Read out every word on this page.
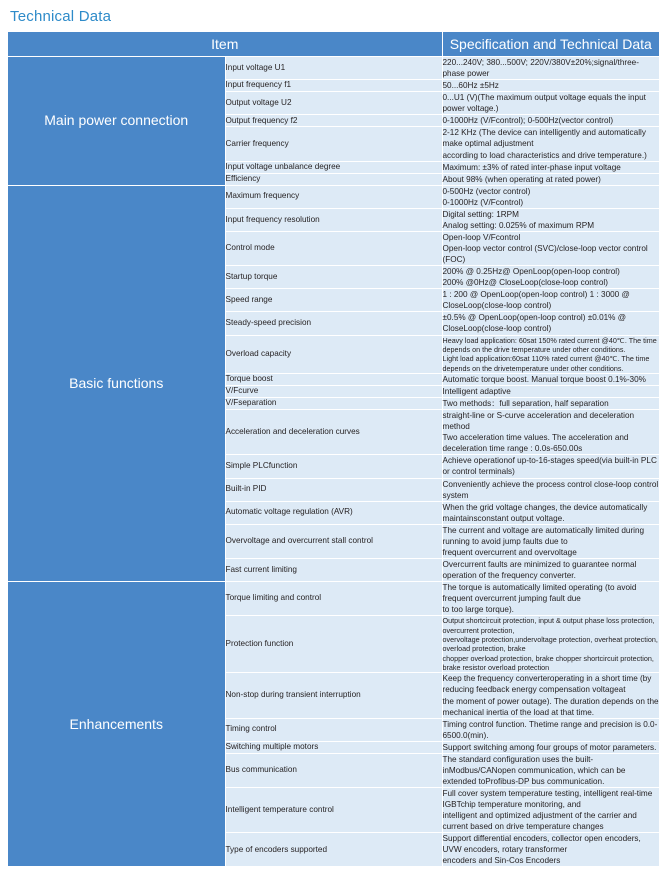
Technical Data
Item		Specification and Technical Data
Main power connection	Input voltage U1	220...240V; 380...500V; 220V/380V±20%;signal/three-phase power

	Input frequency f1	50...60Hz ±5Hz

	Output voltage U2	0...U1 (V)(The maximum output voltage equals the input power voltage.)

	Output frequency f2	0-1000Hz (V/Fcontrol); 0-500Hz(vector control)

	Carrier frequency	2-12 KHz (The device can intelligently and automatically make optimal adjustment
according to load characteristics and drive temperature.)

	Input voltage unbalance degree	Maximum: ±3% of rated inter-phase input voltage

	Efficiency	About 98% (when operating at rated power)

Basic functions	Maximum frequency	0-500Hz (vector control)
0-1000Hz (V/Fcontrol)

	Input frequency resolution	Digital setting: 1RPM
Analog setting: 0.025% of maximum RPM

	Control mode	Open-loop V/Fcontrol
Open-loop vector control (SVC)/close-loop vector control (FOC)

	Startup torque	200% @ 0.25Hz@ OpenLoop(open-loop control)
200% @0Hz@ CloseLoop(close-loop control)

	Speed range	1 : 200 @ OpenLoop(open-loop control) 1 : 3000 @ CloseLoop(close-loop control)

	Steady-speed precision	±0.5% @ OpenLoop(open-loop control) ±0.01% @ CloseLoop(close-loop control)

	Overload capacity	Heavy load application: 60sat 150% rated current @40℃. The time depends on the drive temperature under other conditions.
Light load application:60sat 110% rated current @40℃. The time depends on the drivetemperature under other conditions.

	Torque boost	Automatic torque boost. Manual torque boost 0.1%-30%

	V/Fcurve	Intelligent adaptive

	V/Fseparation	Two methods：full separation, half separation

	Acceleration and deceleration curves	straight-line or S-curve acceleration and deceleration method
Two acceleration time values. The acceleration and deceleration time range : 0.0s-650.00s

	Simple PLCfunction	Achieve operationof up-to-16-stages speed(via built-in PLC or control terminals)

	Built-in PID	Conveniently achieve the process control close-loop control system

	Automatic voltage regulation (AVR)	When the grid voltage changes, the device automatically maintainsconstant output voltage.

	Overvoltage and overcurrent stall control	The current and voltage are automatically limited during running to avoid jump faults due to
frequent overcurrent and overvoltage

	Fast current limiting	Overcurrent faults are minimized to guarantee normal operation of the frequency converter.

Enhancements	Torque limiting and control	The torque is automatically limited operating (to avoid frequent overcurrent jumping fault due
to too large torque).

	Protection function	Output shortcircuit protection, input & output phase loss protection, overcurrent protection,
overvoltage protection,undervoltage protection, overheat protection, overload protection, brake
chopper overload protection, brake chopper shortcircuit protection, brake resistor overload protection

	Non-stop during transient interruption	Keep the frequency converteroperating in a short time (by reducing feedback energy compensation voltageat
the moment of power outage). The duration depends on the mechanical inertia of the load at that time.

	Timing control	Timing control function. Thetime range and precision is 0.0-6500.0(min).

	Switching multiple motors	Support switching among four groups of motor parameters.

	Bus communication	The standard configuration uses the built-inModbus/CANopen communication, which can be
extended toProfibus-DP bus communication.

	Intelligent temperature control	Full cover system temperature testing, intelligent real-time IGBTchip temperature monitoring, and
intelligent and optimized adjustment of the carrier and current based on drive temperature changes

	Type of encoders supported	Support differential encoders, collector open encoders, UVW encoders, rotary transformer
encoders and Sin-Cos Encoders
